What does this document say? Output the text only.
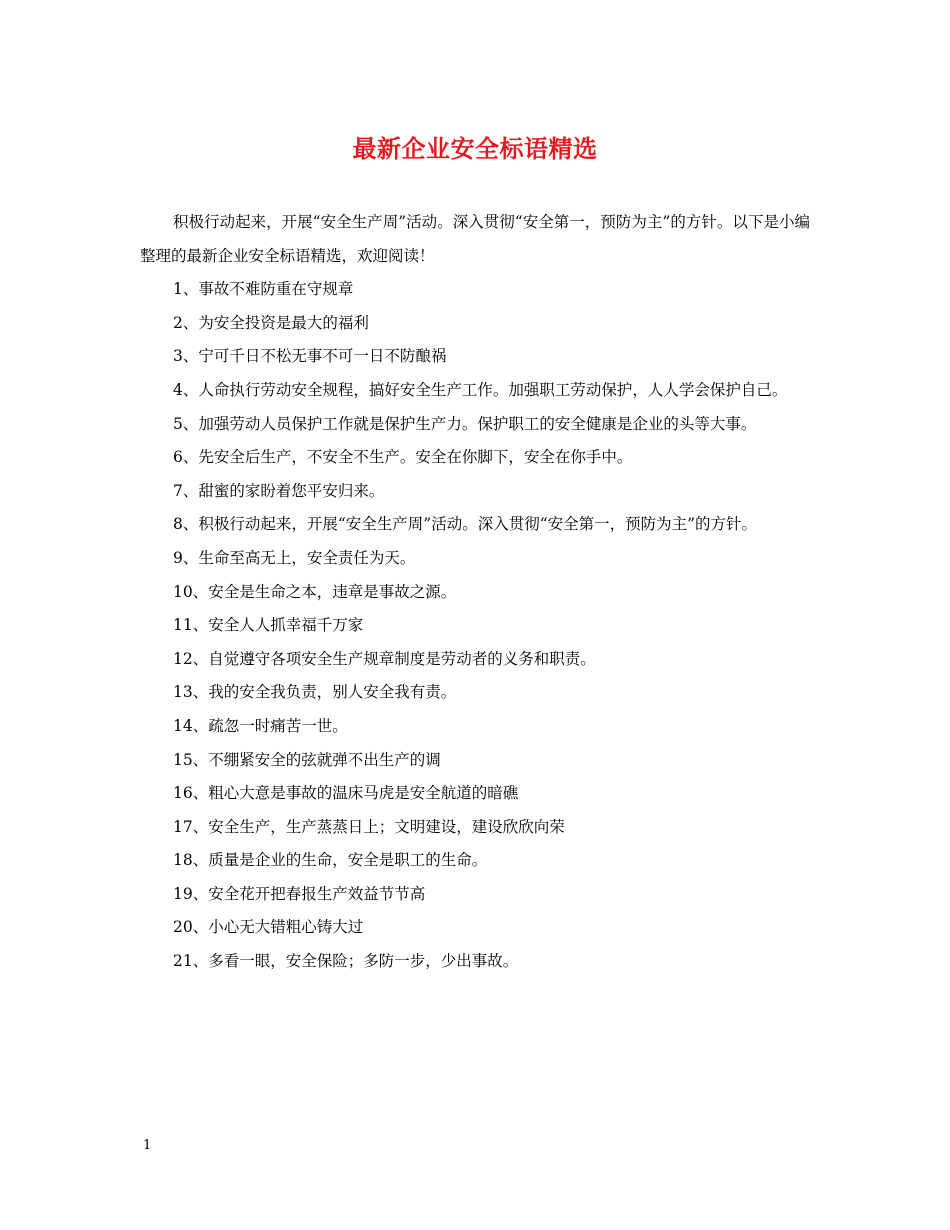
最新企业安全标语精选

积极行动起来，开展“安全生产周”活动。深入贯彻“安全第一，预防为主”的方针。以下是小编整理的最新企业安全标语精选，欢迎阅读！

1、事故不难防重在守规章

2、为安全投资是最大的福利

3、宁可千日不松无事不可一日不防酿祸

4、人命执行劳动安全规程，搞好安全生产工作。加强职工劳动保护，人人学会保护自己。

5、加强劳动人员保护工作就是保护生产力。保护职工的安全健康是企业的头等大事。

6、先安全后生产，不安全不生产。安全在你脚下，安全在你手中。

7、甜蜜的家盼着您平安归来。

8、积极行动起来，开展“安全生产周”活动。深入贯彻“安全第一，预防为主”的方针。

9、生命至高无上，安全责任为天。

10、安全是生命之本，违章是事故之源。

11、安全人人抓幸福千万家

12、自觉遵守各项安全生产规章制度是劳动者的义务和职责。

13、我的安全我负责，别人安全我有责。

14、疏忽一时痛苦一世。

15、不绷紧安全的弦就弹不出生产的调

16、粗心大意是事故的温床马虎是安全航道的暗礁

17、安全生产，生产蒸蒸日上；文明建设，建设欣欣向荣

18、质量是企业的生命，安全是职工的生命。

19、安全花开把春报生产效益节节高

20、小心无大错粗心铸大过

21、多看一眼，安全保险；多防一步，少出事故。

1
